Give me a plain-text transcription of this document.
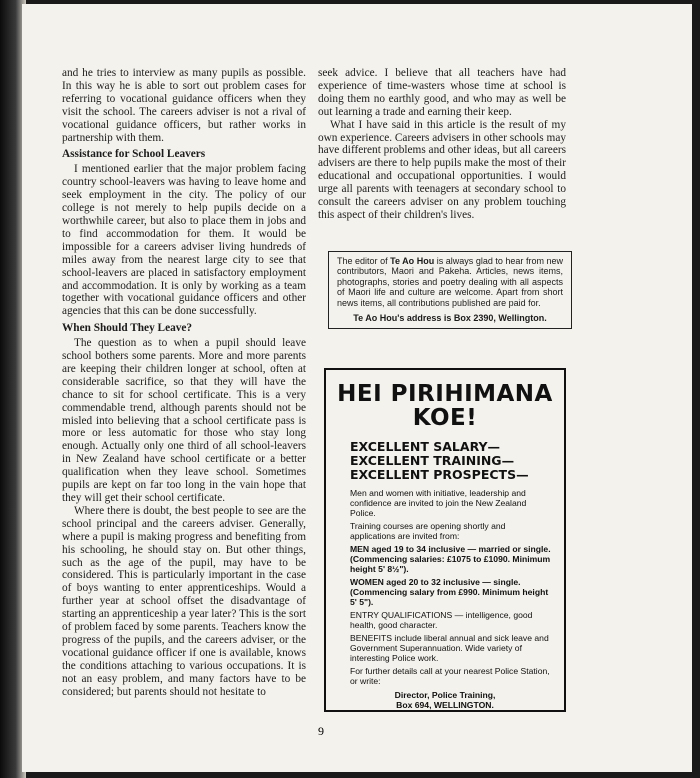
and he tries to interview as many pupils as possible. In this way he is able to sort out problem cases for referring to vocational guidance officers when they visit the school. The careers adviser is not a rival of vocational guidance officers, but rather works in partnership with them.

Assistance for School Leavers

I mentioned earlier that the major problem facing country school-leavers was having to leave home and seek employment in the city. The policy of our college is not merely to help pupils decide on a worthwhile career, but also to place them in jobs and to find accommodation for them. It would be impossible for a careers adviser living hundreds of miles away from the nearest large city to see that school-leavers are placed in satisfactory employment and accommodation. It is only by working as a team together with vocational guidance officers and other agencies that this can be done successfully.

When Should They Leave?

The question as to when a pupil should leave school bothers some parents. More and more parents are keeping their children longer at school, often at considerable sacrifice, so that they will have the chance to sit for school certificate. This is a very commendable trend, although parents should not be misled into believing that a school certificate pass is more or less automatic for those who stay long enough. Actually only one third of all school-leavers in New Zealand have school certificate or a better qualification when they leave school. Sometimes pupils are kept on far too long in the vain hope that they will get their school certificate.

Where there is doubt, the best people to see are the school principal and the careers adviser. Generally, where a pupil is making progress and benefiting from his schooling, he should stay on. But other things, such as the age of the pupil, may have to be considered. This is particularly important in the case of boys wanting to enter apprenticeships. Would a further year at school offset the disadvantage of starting an apprenticeship a year later? This is the sort of problem faced by some parents. Teachers know the progress of the pupils, and the careers adviser, or the vocational guidance officer if one is available, knows the conditions attaching to various occupations. It is not an easy problem, and many factors have to be considered; but parents should not hesitate to

seek advice. I believe that all teachers have had experience of time-wasters whose time at school is doing them no earthly good, and who may as well be out learning a trade and earning their keep.

What I have said in this article is the result of my own experience. Careers advisers in other schools may have different problems and other ideas, but all careers advisers are there to help pupils make the most of their educational and occupational opportunities. I would urge all parents with teenagers at secondary school to consult the careers adviser on any problem touching this aspect of their children's lives.

The editor of Te Ao Hou is always glad to hear from new contributors, Maori and Pakeha. Articles, news items, photographs, stories and poetry dealing with all aspects of Maori life and culture are welcome. Apart from short news items, all contributions published are paid for.
Te Ao Hou's address is Box 2390, Wellington.
HEI PIRIHIMANA
KOE!
EXCELLENT SALARY—
EXCELLENT TRAINING—
EXCELLENT PROSPECTS—

Men and women with initiative, leadership and confidence are invited to join the New Zealand Police.

Training courses are opening shortly and applications are invited from:

MEN aged 19 to 34 inclusive — married or single. (Commencing salaries: £1075 to £1090. Minimum height 5' 8½").

WOMEN aged 20 to 32 inclusive — single. (Commencing salary from £990. Minimum height 5' 5").

ENTRY QUALIFICATIONS — intelligence, good health, good character.

BENEFITS include liberal annual and sick leave and Government Superannuation. Wide variety of interesting Police work.

For further details call at your nearest Police Station, or write:

Director, Police Training,
Box 694, WELLINGTON.
9
